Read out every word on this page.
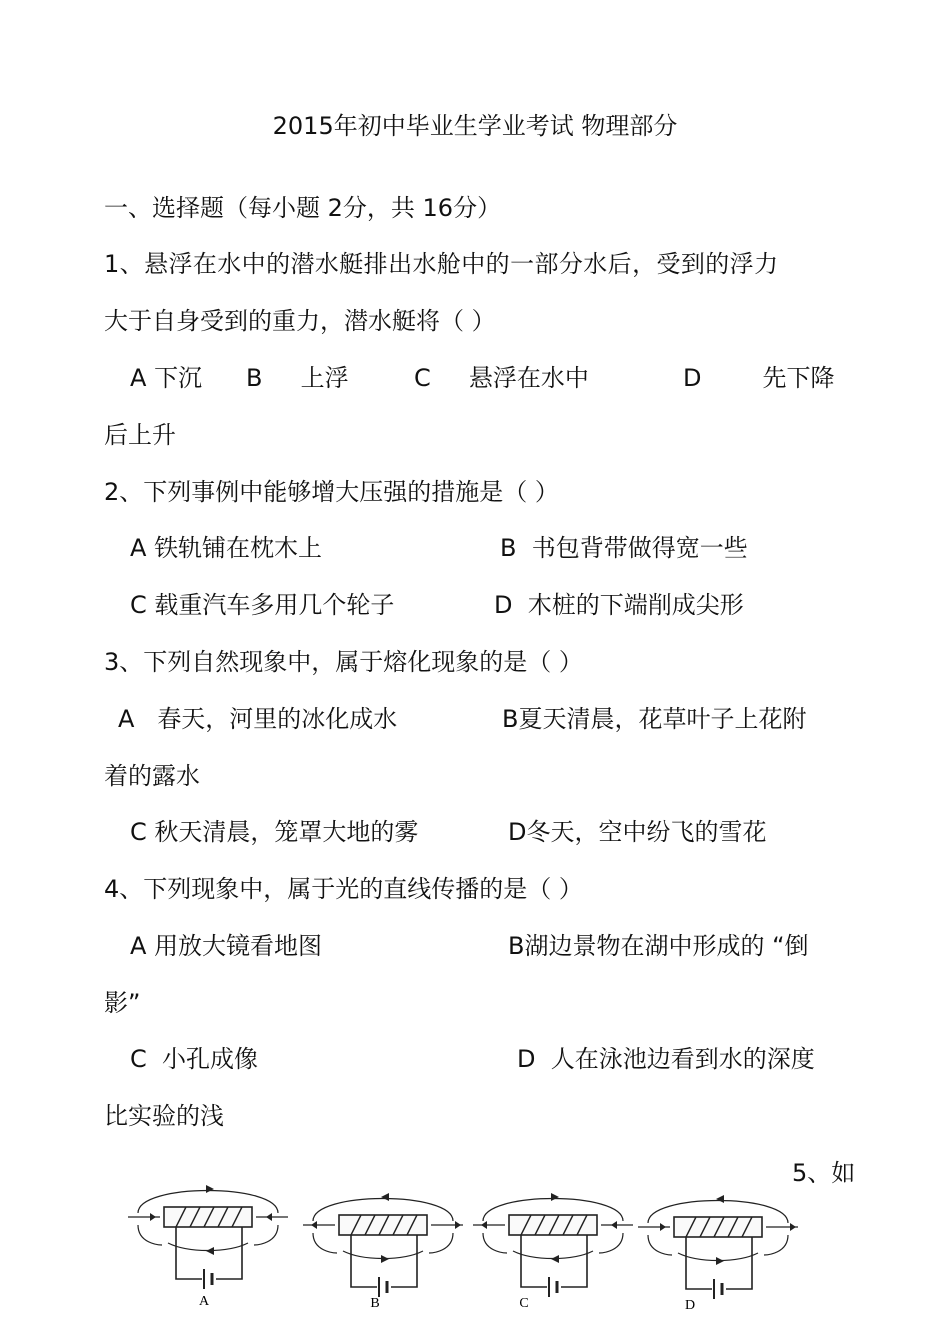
2015年初中毕业生学业考试 物理部分

一、选择题（每小题 2分，共 16分）

1、悬浮在水中的潜水艇排出水舱中的一部分水后，受到的浮力

大于自身受到的重力，潜水艇将（ ）

A 下沉 B 上浮	C 悬浮在水中	D	先下降

后上升

2、下列事例中能够增大压强的措施是（ ）

A 铁轨铺在枕木上	B 书包背带做得宽一些

C 载重汽车多用几个轮子	D 木桩的下端削成尖形

3、下列自然现象中，属于熔化现象的是（ ）

A 春天，河里的冰化成水	B夏天清晨，花草叶子上花附

着的露水

C 秋天清晨，笼罩大地的雾	D冬天，空中纷飞的雪花

4、下列现象中，属于光的直线传播的是（ ）

A 用放大镜看地图	B湖边景物在湖中形成的 “倒

影”

C 小孔成像	D 人在泳池边看到水的深度

比实验的浅

5、如

A	B	C	D
